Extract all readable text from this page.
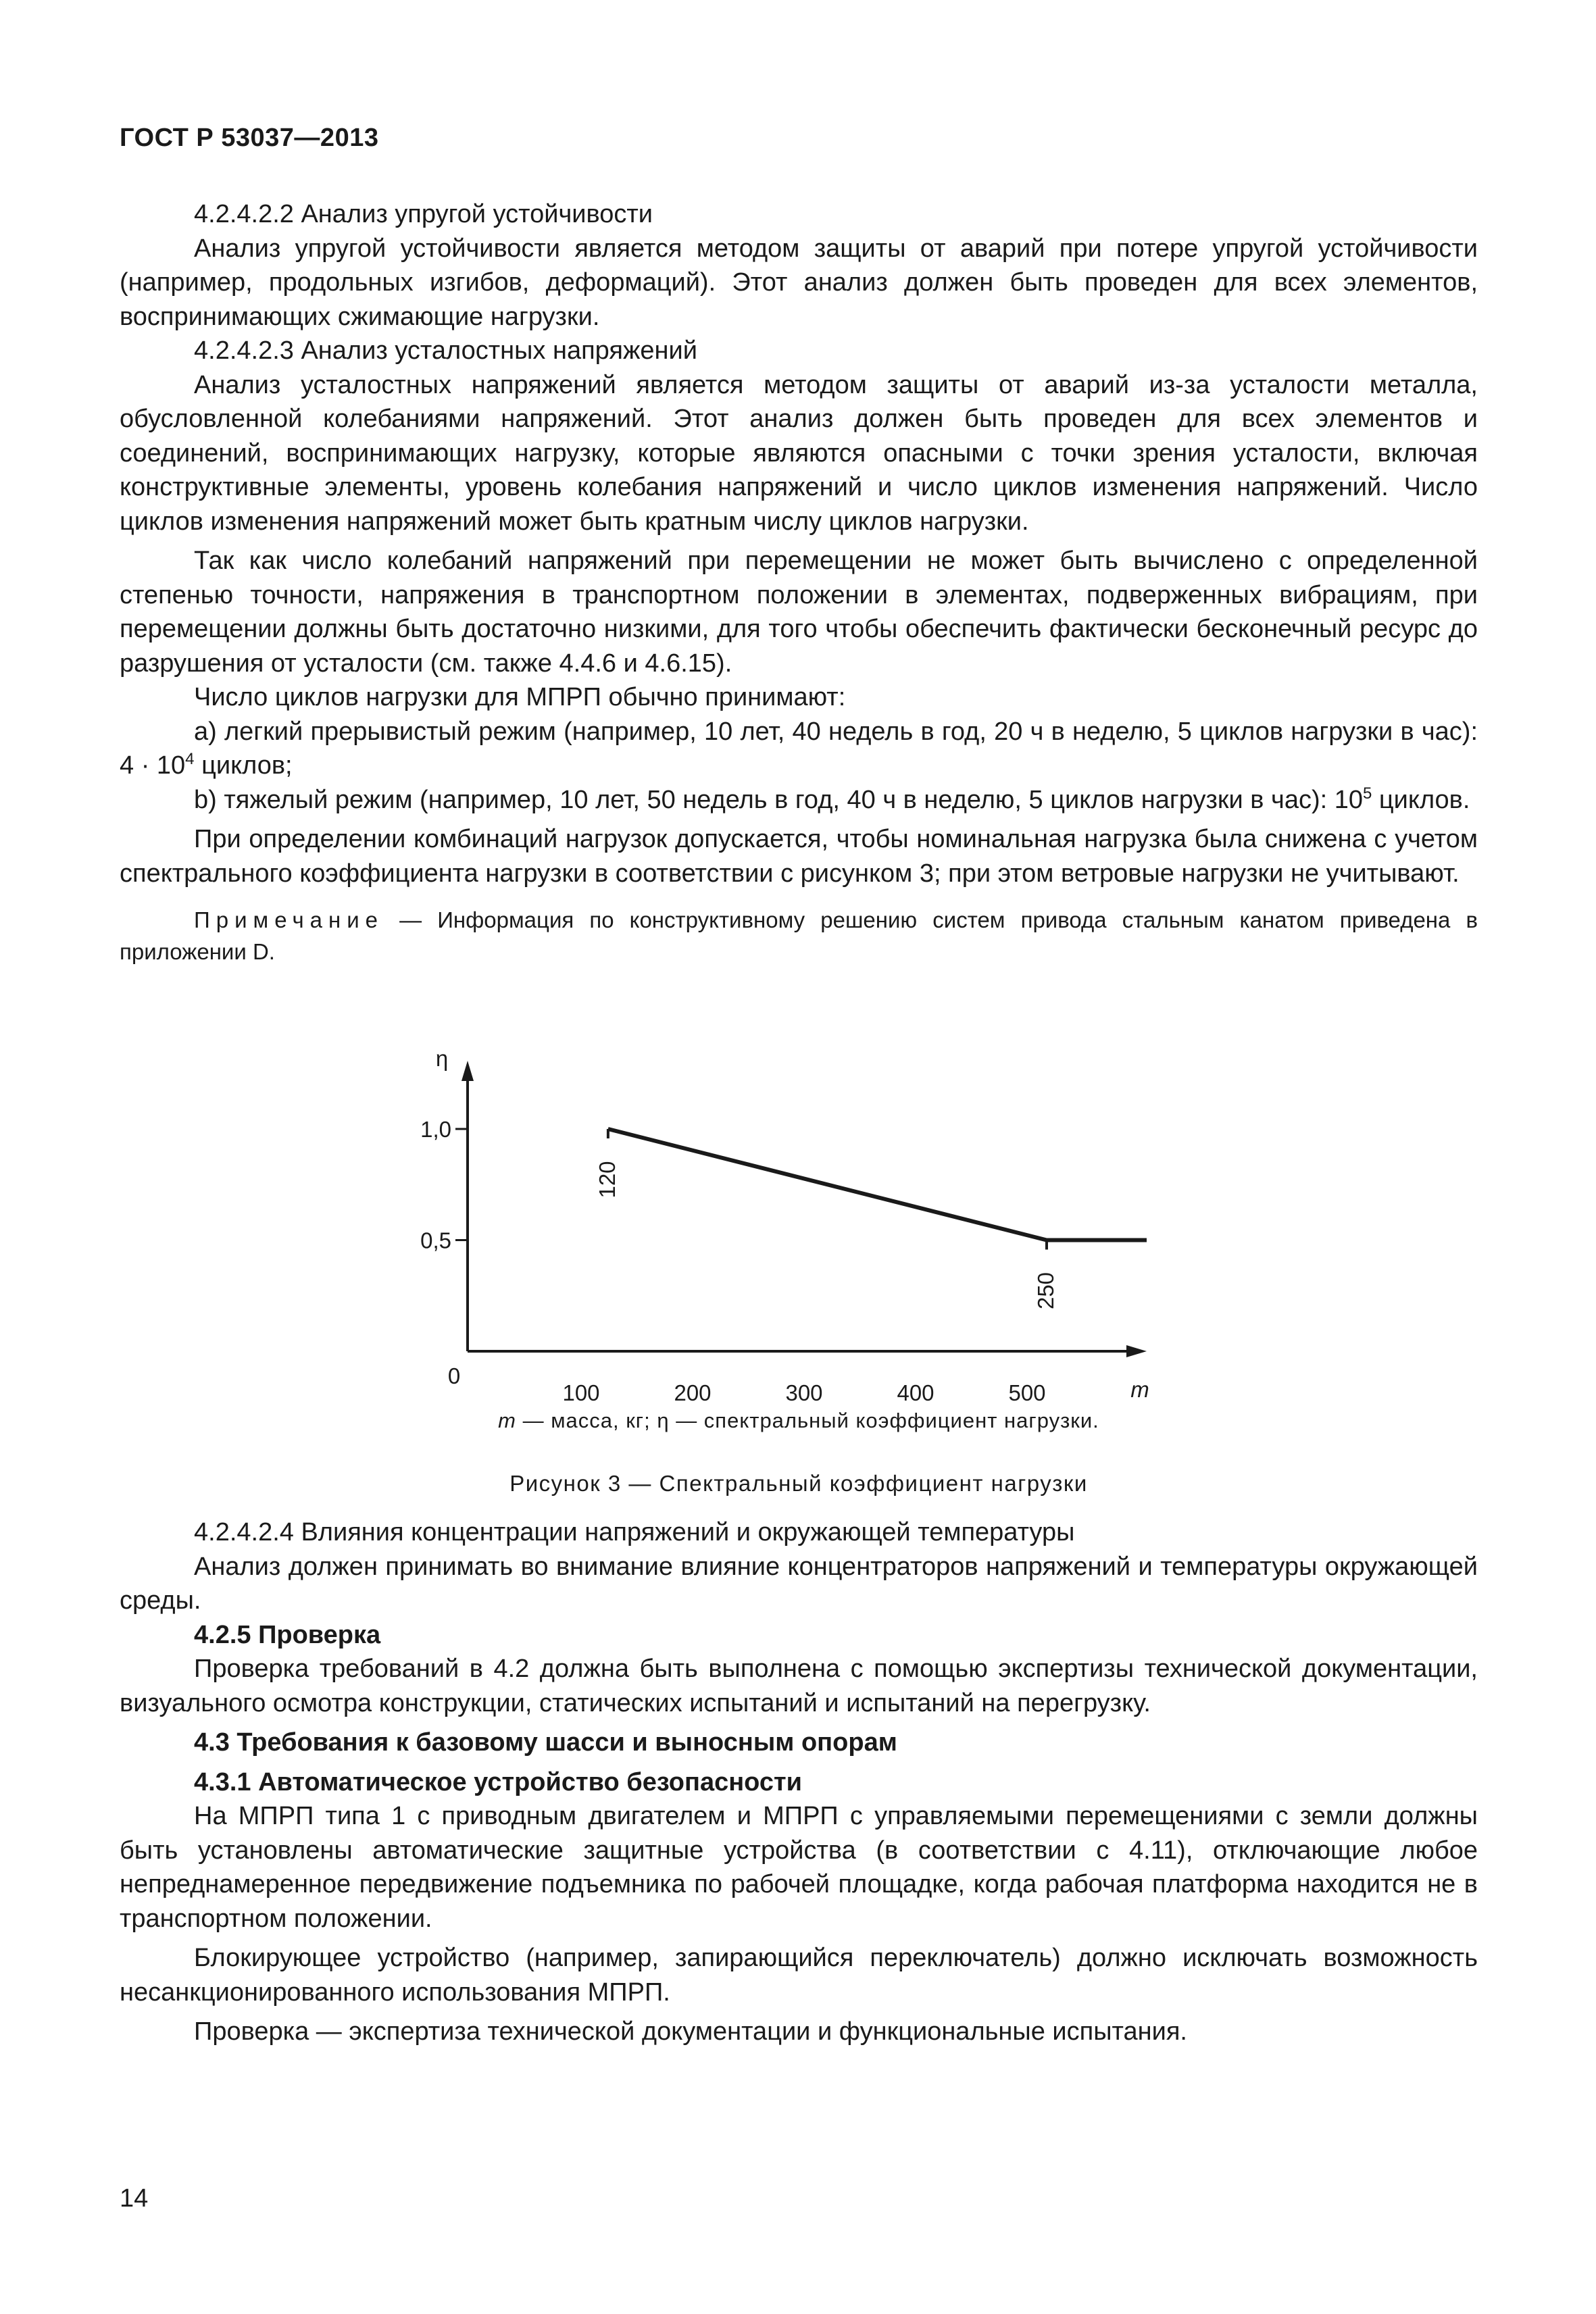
ГОСТ Р 53037—2013

4.2.4.2.2 Анализ упругой устойчивости

Анализ упругой устойчивости является методом защиты от аварий при потере упругой устойчивости (например, продольных изгибов, деформаций). Этот анализ должен быть проведен для всех элементов, воспринимающих сжимающие нагрузки.

4.2.4.2.3 Анализ усталостных напряжений

Анализ усталостных напряжений является методом защиты от аварий из-за усталости металла, обусловленной колебаниями напряжений. Этот анализ должен быть проведен для всех элементов и соединений, воспринимающих нагрузку, которые являются опасными с точки зрения усталости, включая конструктивные элементы, уровень колебания напряжений и число циклов изменения напряжений. Число циклов изменения напряжений может быть кратным числу циклов нагрузки.

Так как число колебаний напряжений при перемещении не может быть вычислено с определенной степенью точности, напряжения в транспортном положении в элементах, подверженных вибрациям, при перемещении должны быть достаточно низкими, для того чтобы обеспечить фактически бесконечный ресурс до разрушения от усталости (см. также 4.4.6 и 4.6.15).

Число циклов нагрузки для МПРП обычно принимают:

а) легкий прерывистый режим (например, 10 лет, 40 недель в год, 20 ч в неделю, 5 циклов нагрузки в час): $4 \cdot 10^4$ циклов;

b) тяжелый режим (например, 10 лет, 50 недель в год, 40 ч в неделю, 5 циклов нагрузки в час): $10^5$ циклов.

При определении комбинаций нагрузок допускается, чтобы номинальная нагрузка была снижена с учетом спектрального коэффициента нагрузки в соответствии с рисунком 3; при этом ветровые нагрузки не учитывают.

Примечание — Информация по конструктивному решению систем привода стальным канатом приведена в приложении D.
η
m
0,5
1,0
0
100	200	300	400	500
120
250
m — масса, кг; η — спектральный коэффициент нагрузки.
Рисунок 3 — Спектральный коэффициент нагрузки

4.2.4.2.4 Влияния концентрации напряжений и окружающей температуры

Анализ должен принимать во внимание влияние концентраторов напряжений и температуры окружающей среды.

4.2.5 Проверка

Проверка требований в 4.2 должна быть выполнена с помощью экспертизы технической документации, визуального осмотра конструкции, статических испытаний и испытаний на перегрузку.

4.3 Требования к базовому шасси и выносным опорам

4.3.1 Автоматическое устройство безопасности

На МПРП типа 1 с приводным двигателем и МПРП с управляемыми перемещениями с земли должны быть установлены автоматические защитные устройства (в соответствии с 4.11), отключающие любое непреднамеренное передвижение подъемника по рабочей площадке, когда рабочая платформа находится не в транспортном положении.

Блокирующее устройство (например, запирающийся переключатель) должно исключать возможность несанкционированного использования МПРП.

Проверка — экспертиза технической документации и функциональные испытания.

14
